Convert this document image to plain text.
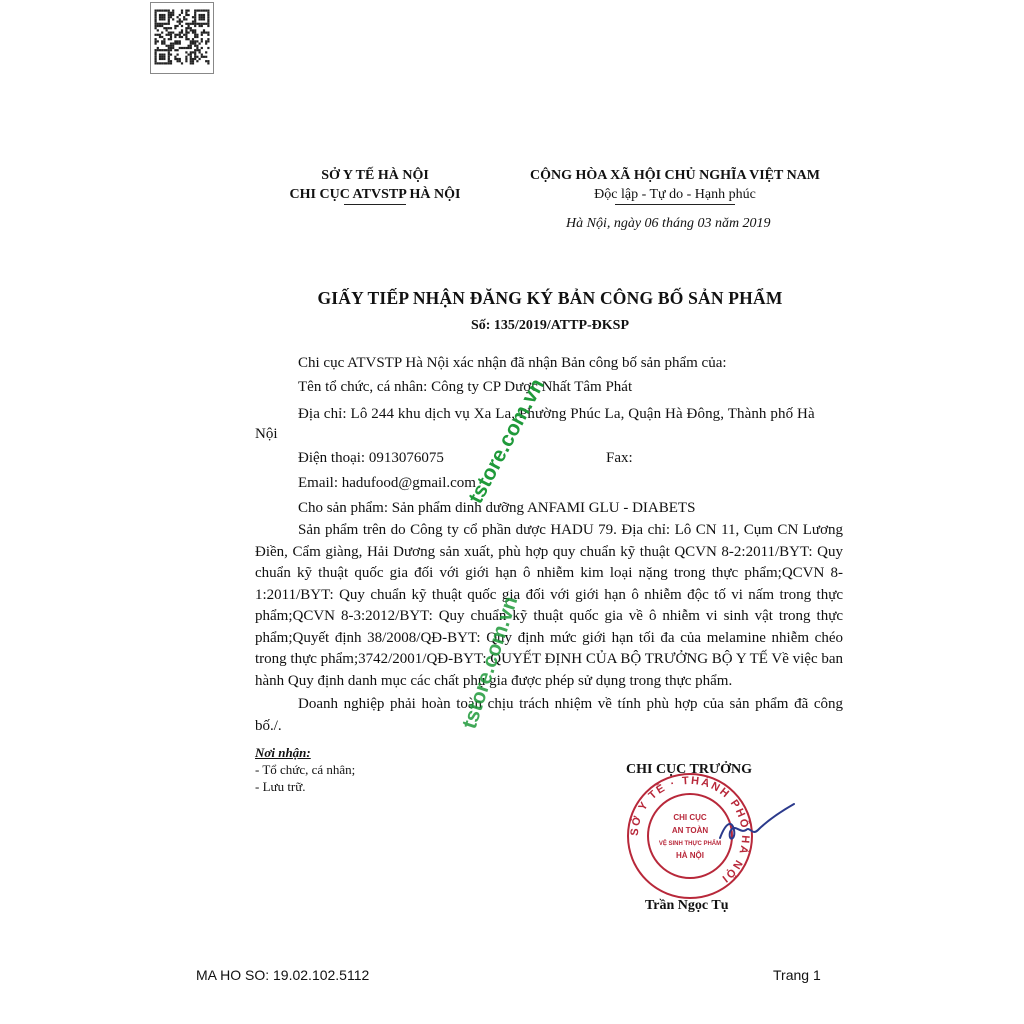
SỞ Y TẾ HÀ NỘI
CHI CỤC ATVSTP HÀ NỘI
CỘNG HÒA XÃ HỘI CHỦ NGHĨA VIỆT NAM
Độc lập - Tự do - Hạnh phúc
Hà Nội, ngày 06 tháng 03 năm 2019
GIẤY TIẾP NHẬN ĐĂNG KÝ BẢN CÔNG BỐ SẢN PHẨM
Số: 135/2019/ATTP-ĐKSP
Chi cục ATVSTP Hà Nội xác nhận đã nhận Bản công bố sản phẩm của:
Tên tổ chức, cá nhân: Công ty CP Dược Nhất Tâm Phát
Địa chỉ: Lô 244 khu dịch vụ Xa La, Phường Phúc La, Quận Hà Đông, Thành phố Hà
Nội
Điện thoại: 0913076075	Fax:
Email: hadufood@gmail.com
Cho sản phẩm: Sản phẩm dinh dưỡng ANFAMI GLU - DIABETS
Sản phẩm trên do Công ty cổ phần dược HADU 79. Địa chỉ: Lô CN 11, Cụm CN Lương Điền, Cẩm giàng, Hải Dương sản xuất, phù hợp quy chuẩn kỹ thuật QCVN 8-2:2011/BYT: Quy chuẩn kỹ thuật quốc gia đối với giới hạn ô nhiễm kim loại nặng trong thực phẩm;QCVN 8-1:2011/BYT: Quy chuẩn kỹ thuật quốc gia đối với giới hạn ô nhiễm độc tố vi nấm trong thực phẩm;QCVN 8-3:2012/BYT: Quy chuẩn kỹ thuật quốc gia về ô nhiễm vi sinh vật trong thực phẩm;Quyết định 38/2008/QĐ-BYT: Quy định mức giới hạn tối đa của melamine nhiễm chéo trong thực phẩm;3742/2001/QĐ-BYT: QUYẾT ĐỊNH CỦA BỘ TRƯỞNG BỘ Y TẾ Về việc ban hành Quy định danh mục các chất phụ gia được phép sử dụng trong thực phẩm.
Doanh nghiệp phải hoàn toàn chịu trách nhiệm về tính phù hợp của sản phẩm đã công bố./.
Nơi nhận:
- Tổ chức, cá nhân;
- Lưu trữ.
CHI CỤC TRƯỞNG
SỞ Y TẾ · THÀNH PHỐ HÀ NỘI
CHI CỤC
AN TOÀN
VỆ SINH THỰC PHẨM
HÀ NỘI
Trần Ngọc Tụ
tstore.com.vn
tstore.com.vn
MA HO SO: 19.02.102.5112	Trang 1
